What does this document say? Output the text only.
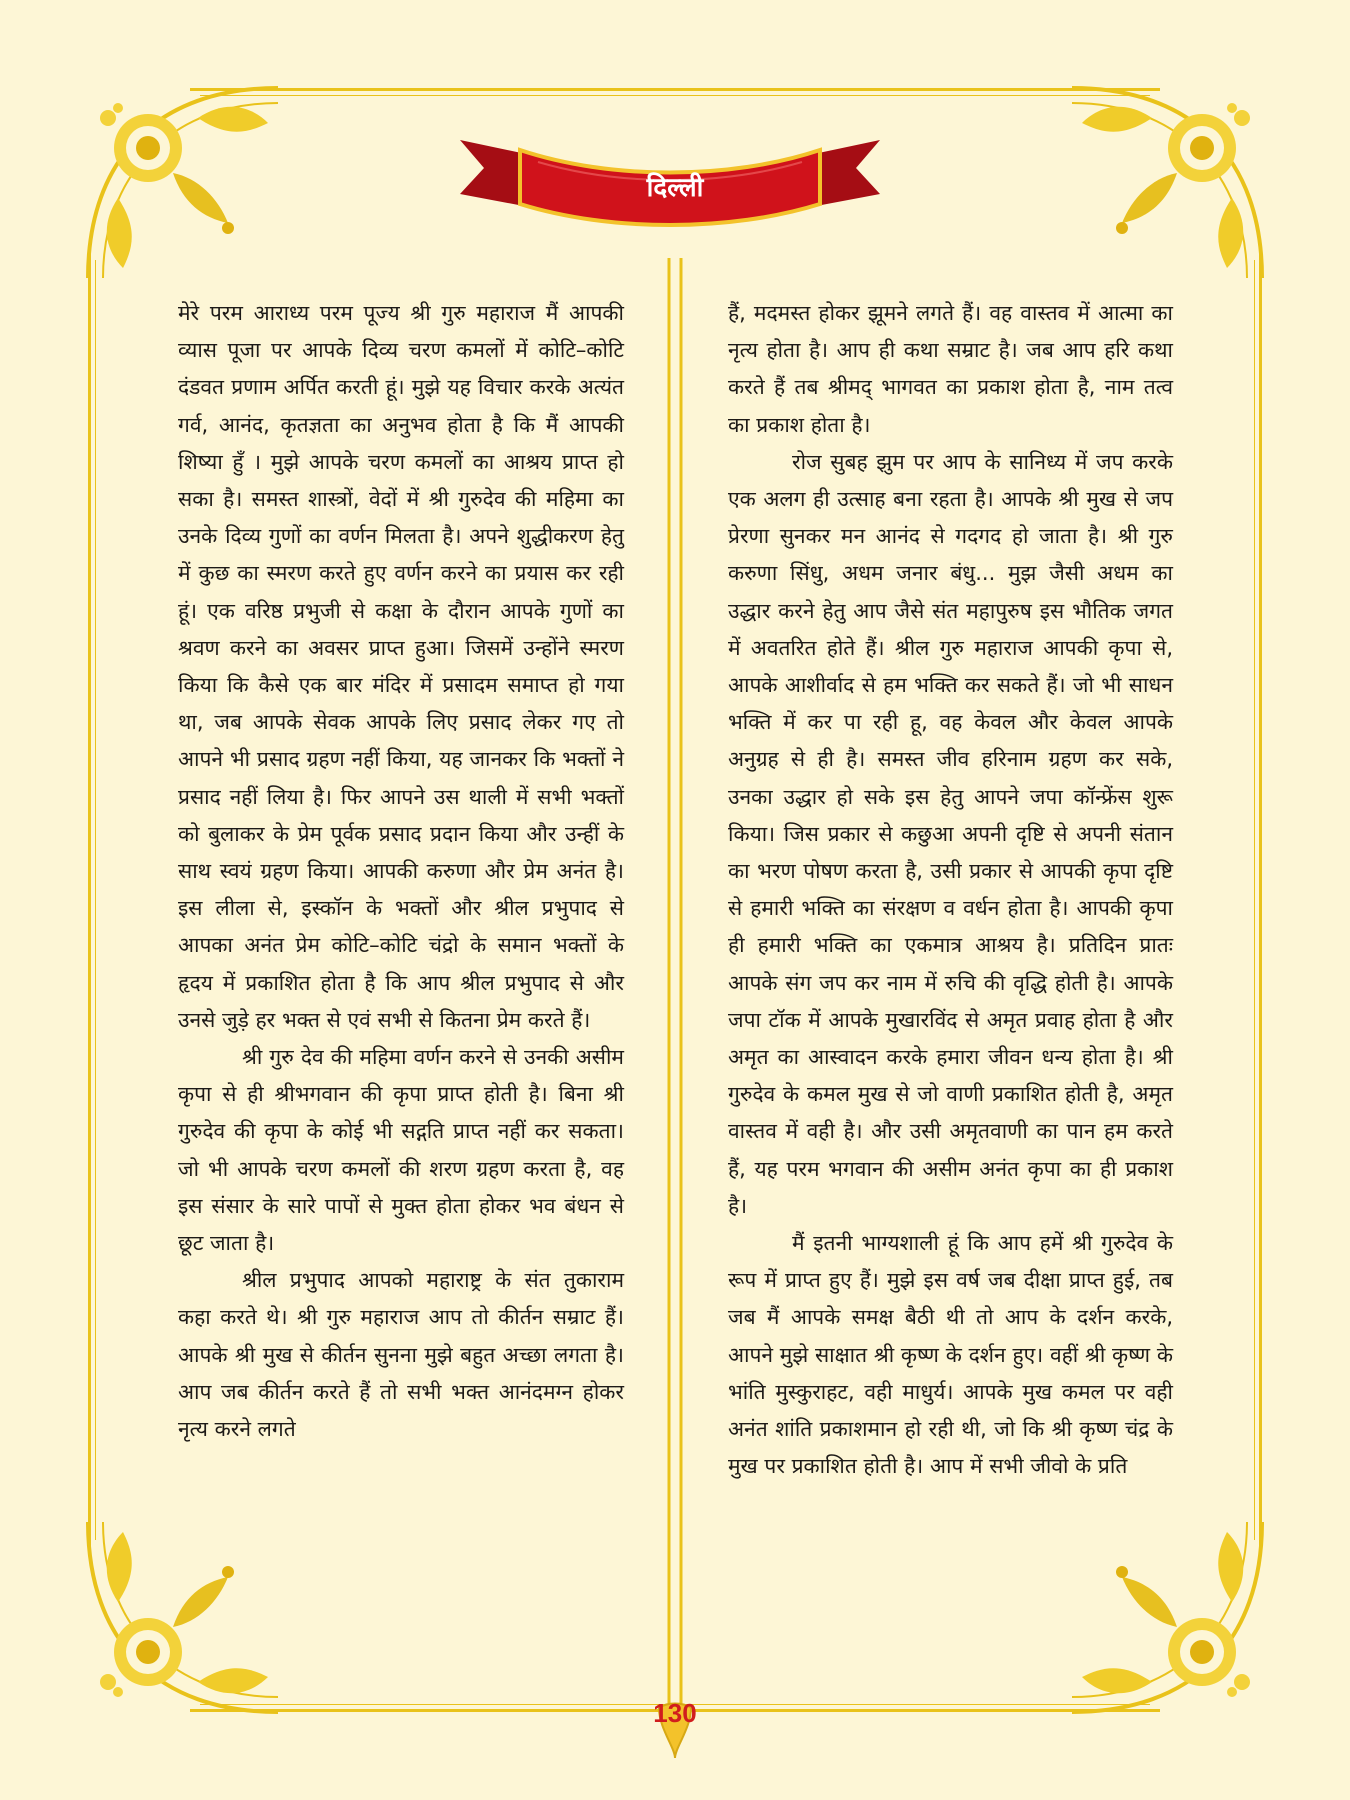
दिल्ली

मेरे परम आराध्य परम पूज्य श्री गुरु महाराज मैं आपकी व्यास पूजा पर आपके दिव्य चरण कमलों में कोटि–कोटि दंडवत प्रणाम अर्पित करती हूं। मुझे यह विचार करके अत्यंत गर्व, आनंद, कृतज्ञता का अनुभव होता है कि मैं आपकी शिष्या हुँ । मुझे आपके चरण कमलों का आश्रय प्राप्त हो सका है। समस्त शास्त्रों, वेदों में श्री गुरुदेव की महिमा का उनके दिव्य गुणों का वर्णन मिलता है। अपने शुद्धीकरण हेतु में कुछ का स्मरण करते हुए वर्णन करने का प्रयास कर रही हूं। एक वरिष्ठ प्रभुजी से कक्षा के दौरान आपके गुणों का श्रवण करने का अवसर प्राप्त हुआ। जिसमें उन्होंने स्मरण किया कि कैसे एक बार मंदिर में प्रसादम समाप्त हो गया था, जब आपके सेवक आपके लिए प्रसाद लेकर गए तो आपने भी प्रसाद ग्रहण नहीं किया, यह जानकर कि भक्तों ने प्रसाद नहीं लिया है। फिर आपने उस थाली में सभी भक्तों को बुलाकर के प्रेम पूर्वक प्रसाद प्रदान किया और उन्हीं के साथ स्वयं ग्रहण किया। आपकी करुणा और प्रेम अनंत है। इस लीला से, इस्कॉन के भक्तों और श्रील प्रभुपाद से आपका अनंत प्रेम कोटि–कोटि चंद्रो के समान भक्तों के हृदय में प्रकाशित होता है कि आप श्रील प्रभुपाद से और उनसे जुड़े हर भक्त से एवं सभी से कितना प्रेम करते हैं।

श्री गुरु देव की महिमा वर्णन करने से उनकी असीम कृपा से ही श्रीभगवान की कृपा प्राप्त होती है। बिना श्री गुरुदेव की कृपा के कोई भी सद्गति प्राप्त नहीं कर सकता। जो भी आपके चरण कमलों की शरण ग्रहण करता है, वह इस संसार के सारे पापों से मुक्त होता होकर भव बंधन से छूट जाता है।

श्रील प्रभुपाद आपको महाराष्ट्र के संत तुकाराम कहा करते थे। श्री गुरु महाराज आप तो कीर्तन सम्राट हैं। आपके श्री मुख से कीर्तन सुनना मुझे बहुत अच्छा लगता है। आप जब कीर्तन करते हैं तो सभी भक्त आनंदमग्न होकर नृत्य करने लगते

हैं, मदमस्त होकर झूमने लगते हैं। वह वास्तव में आत्मा का नृत्य होता है। आप ही कथा सम्राट है। जब आप हरि कथा करते हैं तब श्रीमद् भागवत का प्रकाश होता है, नाम तत्व का प्रकाश होता है।

रोज सुबह झुम पर आप के सानिध्य में जप करके एक अलग ही उत्साह बना रहता है। आपके श्री मुख से जप प्रेरणा सुनकर मन आनंद से गदगद हो जाता है। श्री गुरु करुणा सिंधु, अधम जनार बंधु... मुझ जैसी अधम का उद्धार करने हेतु आप जैसे संत महापुरुष इस भौतिक जगत में अवतरित होते हैं। श्रील गुरु महाराज आपकी कृपा से, आपके आशीर्वाद से हम भक्ति कर सकते हैं। जो भी साधन भक्ति में कर पा रही हू, वह केवल और केवल आपके अनुग्रह से ही है। समस्त जीव हरिनाम ग्रहण कर सके, उनका उद्धार हो सके इस हेतु आपने जपा कॉन्फ्रेंस शुरू किया। जिस प्रकार से कछुआ अपनी दृष्टि से अपनी संतान का भरण पोषण करता है, उसी प्रकार से आपकी कृपा दृष्टि से हमारी भक्ति का संरक्षण व वर्धन होता है। आपकी कृपा ही हमारी भक्ति का एकमात्र आश्रय है। प्रतिदिन प्रातः आपके संग जप कर नाम में रुचि की वृद्धि होती है। आपके जपा टॉक में आपके मुखारविंद से अमृत प्रवाह होता है और अमृत का आस्वादन करके हमारा जीवन धन्य होता है। श्री गुरुदेव के कमल मुख से जो वाणी प्रकाशित होती है, अमृत वास्तव में वही है। और उसी अमृतवाणी का पान हम करते हैं, यह परम भगवान की असीम अनंत कृपा का ही प्रकाश है।

मैं इतनी भाग्यशाली हूं कि आप हमें श्री गुरुदेव के रूप में प्राप्त हुए हैं। मुझे इस वर्ष जब दीक्षा प्राप्त हुई, तब जब मैं आपके समक्ष बैठी थी तो आप के दर्शन करके, आपने मुझे साक्षात श्री कृष्ण के दर्शन हुए। वहीं श्री कृष्ण के भांति मुस्कुराहट, वही माधुर्य। आपके मुख कमल पर वही अनंत शांति प्रकाशमान हो रही थी, जो कि श्री कृष्ण चंद्र के मुख पर प्रकाशित होती है। आप में सभी जीवो के प्रति

130
